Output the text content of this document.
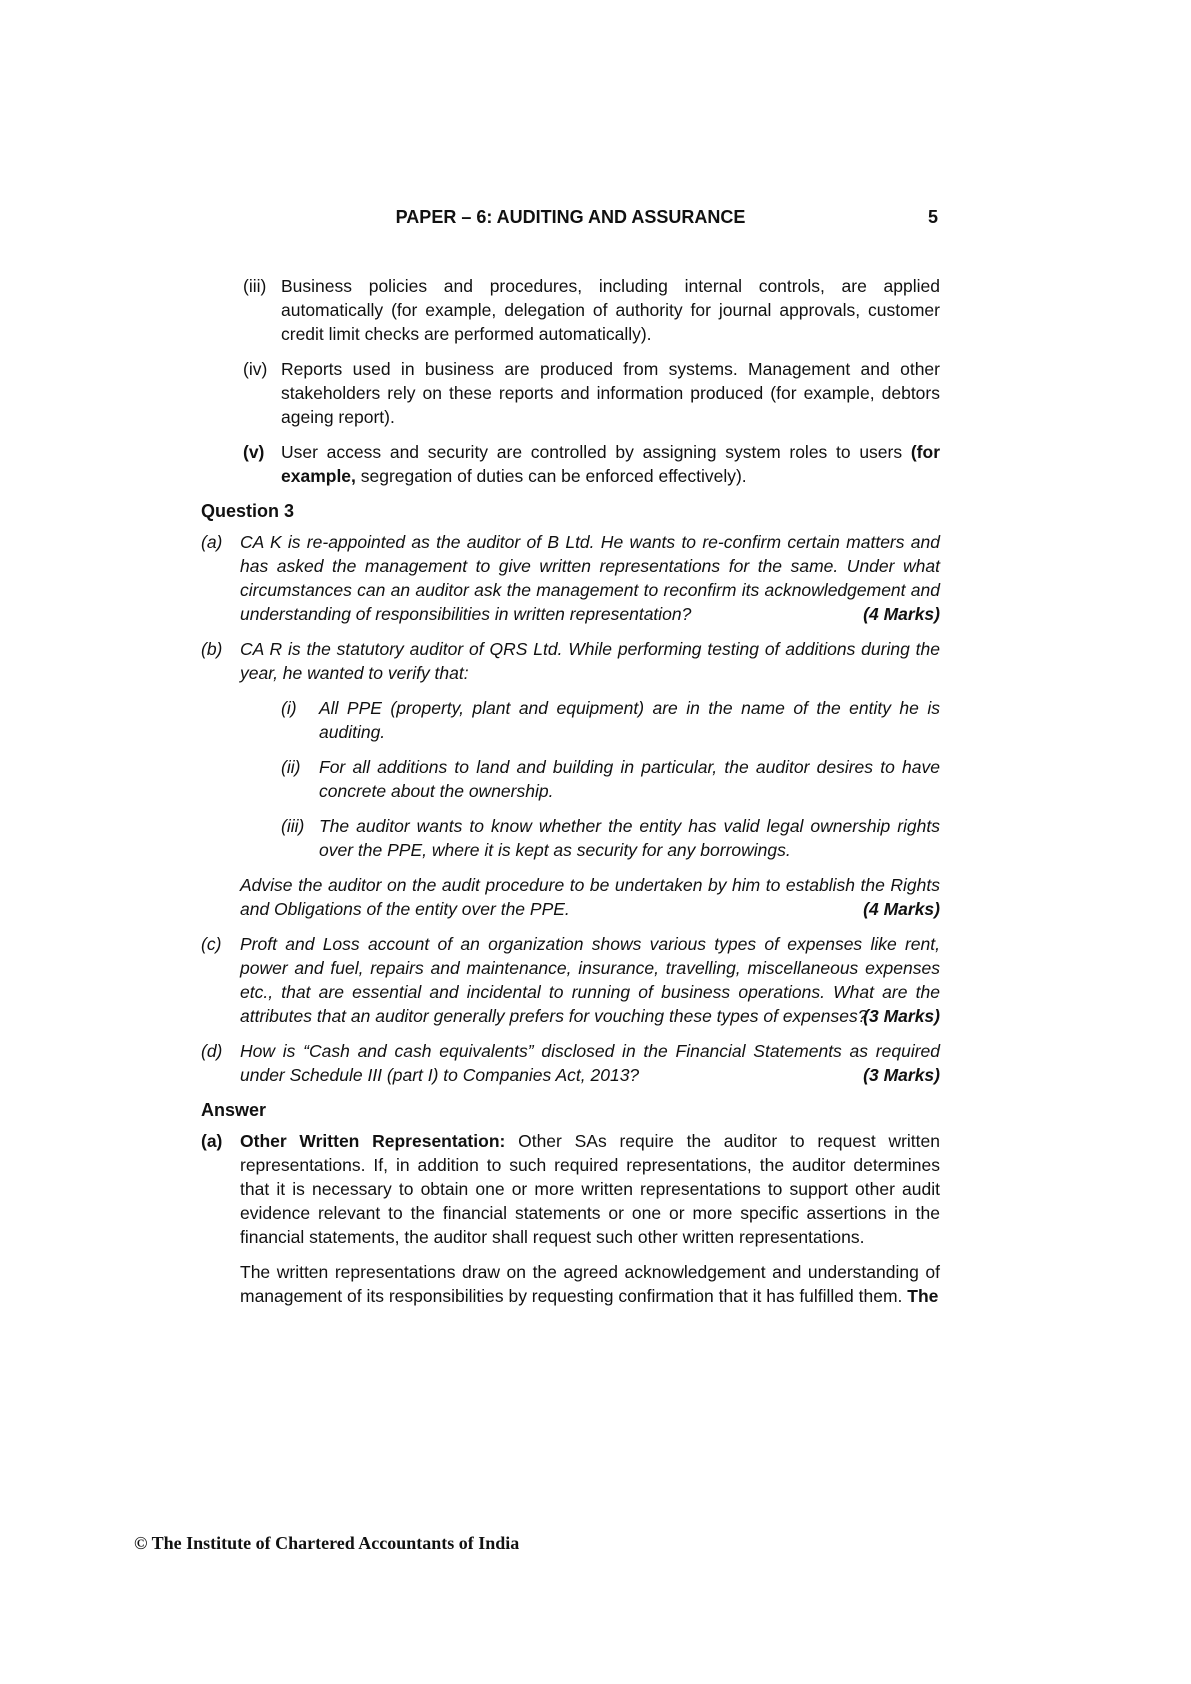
PAPER – 6: AUDITING AND ASSURANCE	5
(iii) Business policies and procedures, including internal controls, are applied automatically (for example, delegation of authority for journal approvals, customer credit limit checks are performed automatically).
(iv) Reports used in business are produced from systems. Management and other stakeholders rely on these reports and information produced (for example, debtors ageing report).
(v) User access and security are controlled by assigning system roles to users (for example, segregation of duties can be enforced effectively).
Question 3
(a) CA K is re-appointed as the auditor of B Ltd. He wants to re-confirm certain matters and has asked the management to give written representations for the same. Under what circumstances can an auditor ask the management to reconfirm its acknowledgement and understanding of responsibilities in written representation?	(4 Marks)
(b) CA R is the statutory auditor of QRS Ltd. While performing testing of additions during the year, he wanted to verify that:
(i) All PPE (property, plant and equipment) are in the name of the entity he is auditing.
(ii) For all additions to land and building in particular, the auditor desires to have concrete about the ownership.
(iii) The auditor wants to know whether the entity has valid legal ownership rights over the PPE, where it is kept as security for any borrowings.
Advise the auditor on the audit procedure to be undertaken by him to establish the Rights and Obligations of the entity over the PPE.	(4 Marks)
(c) Proft and Loss account of an organization shows various types of expenses like rent, power and fuel, repairs and maintenance, insurance, travelling, miscellaneous expenses etc., that are essential and incidental to running of business operations. What are the attributes that an auditor generally prefers for vouching these types of expenses?
(3 Marks)
(d) How is “Cash and cash equivalents” disclosed in the Financial Statements as required under Schedule III (part I) to Companies Act, 2013?	(3 Marks)
Answer
(a) Other Written Representation: Other SAs require the auditor to request written representations. If, in addition to such required representations, the auditor determines that it is necessary to obtain one or more written representations to support other audit evidence relevant to the financial statements or one or more specific assertions in the financial statements, the auditor shall request such other written representations.
The written representations draw on the agreed acknowledgement and understanding of management of its responsibilities by requesting confirmation that it has fulfilled them. The
© The Institute of Chartered Accountants of India
